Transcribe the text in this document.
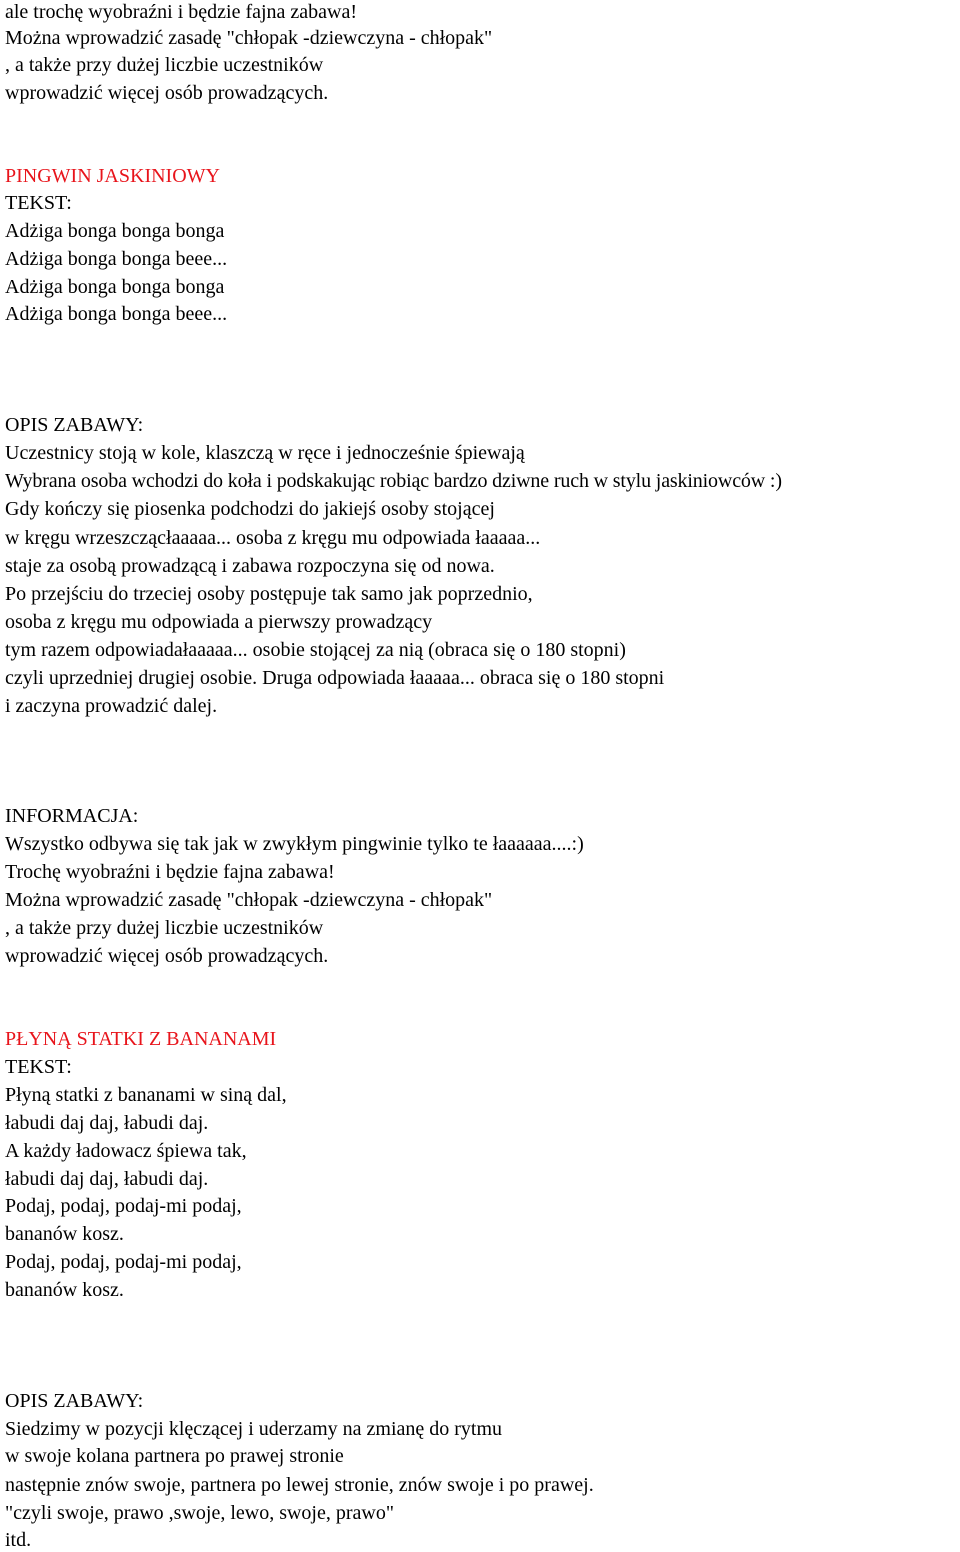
ale trochę wyobraźni i będzie fajna zabawa!
Można wprowadzić zasadę "chłopak -dziewczyna - chłopak"
, a także przy dużej liczbie uczestników
wprowadzić więcej osób prowadzących.
PINGWIN JASKINIOWY
TEKST:
Adżiga bonga bonga bonga
Adżiga bonga bonga beee...
Adżiga bonga bonga bonga
Adżiga bonga bonga beee...
OPIS ZABAWY:
Uczestnicy stoją w kole, klaszczą w ręce i jednocześnie śpiewają
Wybrana osoba wchodzi do koła i podskakując robiąc bardzo dziwne ruch w stylu jaskiniowców :)
Gdy kończy się piosenka podchodzi do jakiejś osoby stojącej
w kręgu wrzeszczącłaaaaa... osoba z kręgu mu odpowiada łaaaaa...
staje za osobą prowadzącą i zabawa rozpoczyna się od nowa.
Po przejściu do trzeciej osoby postępuje tak samo jak poprzednio,
osoba z kręgu mu odpowiada a pierwszy prowadzący
tym razem odpowiadałaaaaa... osobie stojącej za nią (obraca się o 180 stopni)
czyli uprzedniej drugiej osobie. Druga odpowiada łaaaaa... obraca się o 180 stopni
i zaczyna prowadzić dalej.
INFORMACJA:
Wszystko odbywa się tak jak w zwykłym pingwinie tylko te łaaaaaa....:)
Trochę wyobraźni i będzie fajna zabawa!
Można wprowadzić zasadę "chłopak -dziewczyna - chłopak"
, a także przy dużej liczbie uczestników
wprowadzić więcej osób prowadzących.
PŁYNĄ STATKI Z BANANAMI
TEKST:
Płyną statki z bananami w siną dal,
łabudi daj daj, łabudi daj.
A każdy ładowacz śpiewa tak,
łabudi daj daj, łabudi daj.
Podaj, podaj, podaj-mi podaj,
bananów kosz.
Podaj, podaj, podaj-mi podaj,
bananów kosz.
OPIS ZABAWY:
Siedzimy w pozycji klęczącej i uderzamy na zmianę do rytmu
w swoje kolana partnera po prawej stronie
następnie znów swoje, partnera po lewej stronie, znów swoje i po prawej.
"czyli swoje, prawo ,swoje, lewo, swoje, prawo"
itd.
